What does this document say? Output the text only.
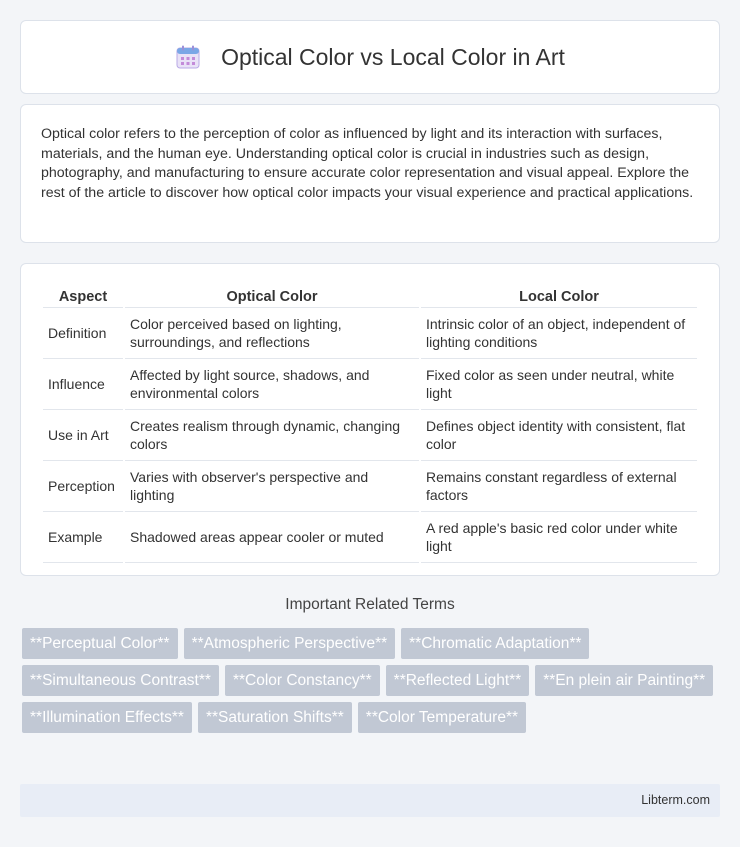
Optical Color vs Local Color in Art

Optical color refers to the perception of color as influenced by light and its interaction with surfaces, materials, and the human eye. Understanding optical color is crucial in industries such as design, photography, and manufacturing to ensure accurate color representation and visual appeal. Explore the rest of the article to discover how optical color impacts your visual experience and practical applications.

Aspect	Optical Color	Local Color
Definition	Color perceived based on lighting, surroundings, and reflections	Intrinsic color of an object, independent of lighting conditions
Influence	Affected by light source, shadows, and environmental colors	Fixed color as seen under neutral, white light
Use in Art	Creates realism through dynamic, changing colors	Defines object identity with consistent, flat color
Perception	Varies with observer's perspective and lighting	Remains constant regardless of external factors
Example	Shadowed areas appear cooler or muted	A red apple's basic red color under white light
Important Related Terms
**Perceptual Color**	**Atmospheric Perspective**	**Chromatic Adaptation**
**Simultaneous Contrast**	**Color Constancy**	**Reflected Light**	**En plein air Painting**
**Illumination Effects**	**Saturation Shifts**	**Color Temperature**
Libterm.com
